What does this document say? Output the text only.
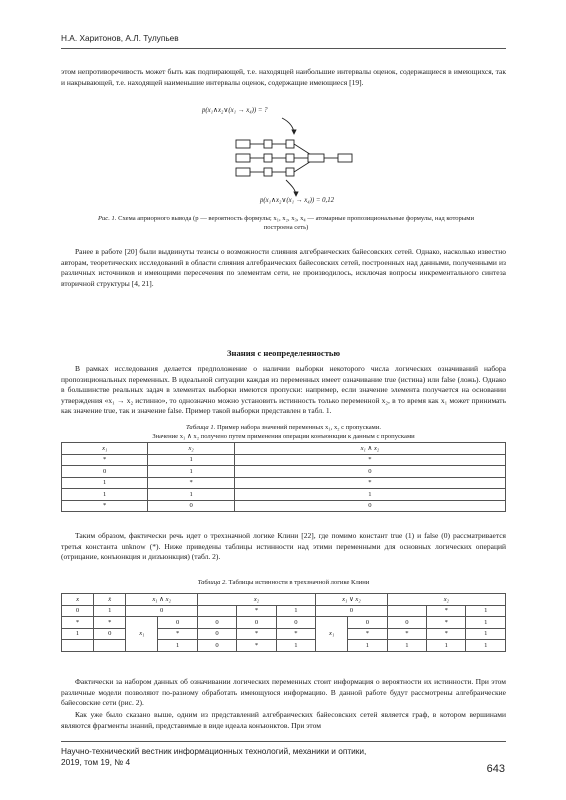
Н.А. Харитонов, А.Л. Тулупьев

этом непротиворечивость может быть как подпирающей, т.е. находящей наибольшие интервалы оценок, содержащиеся в имеющихся, так и накрывающей, т.е. находящей наименьшие интервалы оценок, содержащие имеющиеся [19].

p(x₁∧x₂∨(x₁ → x₄)) = ?
p(x₁∧x₂∨(x₁ → x₄)) = 0,12
Рис. 1. Схема априорного вывода (p — вероятность формулы; x₁, x₂, x₃, x₄ — атомарные пропозициональные формулы, над которыми построена сеть)

Ранее в работе [20] были выдвинуты тезисы о возможности слияния алгебраических байесовских сетей. Однако, насколько известно авторам, теоретических исследований в области слияния алгебраических байесовских сетей, построенных над данными, полученными из различных источников и имеющими пересечения по элементам сети, не производилось, исключая вопросы инкрементального синтеза вторичной структуры [4, 21].

Знания с неопределенностью

В рамках исследования делается предположение о наличии выборки некоторого числа логических означиваний набора пропозициональных переменных. В идеальной ситуации каждая из переменных имеет означивание true (истина) или false (ложь). Однако в большинстве реальных задач в элементах выборки имеются пропуски: например, если значение элемента получается на основании утверждения «x₁ → x₂ истинно», то однозначно можно установить истинность только переменной x₂, в то время как x₁ может принимать как значение true, так и значение false. Пример такой выборки представлен в табл. 1.

Таблица 1. Пример набора значений переменных x₁, x₂ с пропусками.
Значение x₁ ∧ x₂ получено путем применения операции конъюнкции к данным с пропусками
x₁	x₂	x₁ ∧ x₂
*	1	*
0	1	0
1	*	*
1	1	1
*	0	0

Таким образом, фактически речь идет о трехзначной логике Клини [22], где помимо констант true (1) и false (0) рассматривается третья константа unknow (*). Ниже приведены таблицы истинности над этими переменными для основных логических операций (отрицание, конъюнкция и дизъюнкция) (табл. 2).

Таблица 2. Таблицы истинности в трехзначной логике Клини
x	x̄	x₁ ∧ x₂		x₂			x₁ ∨ x₂		x₂		
0	1	0			*	1	0			*	1
*	*	x₁	0	0	0	0	x₁	0	0	*	1
1	0		*	0	*	*		*	*	*	1
			1	0	*	1		1	1	1	1

Фактически за набором данных об означивании логических переменных стоит информация о вероятности их истинности. При этом различные модели позволяют по-разному обработать имеющуюся информацию. В данной работе будут рассмотрены алгебраические байесовские сети (рис. 2).

Как уже было сказано выше, одним из представлений алгебраических байесовских сетей является граф, в котором вершинами являются фрагменты знаний, представимые в виде идеала конъюнктов. При этом

Научно-технический вестник информационных технологий, механики и оптики,
2019, том 19, № 4
643
